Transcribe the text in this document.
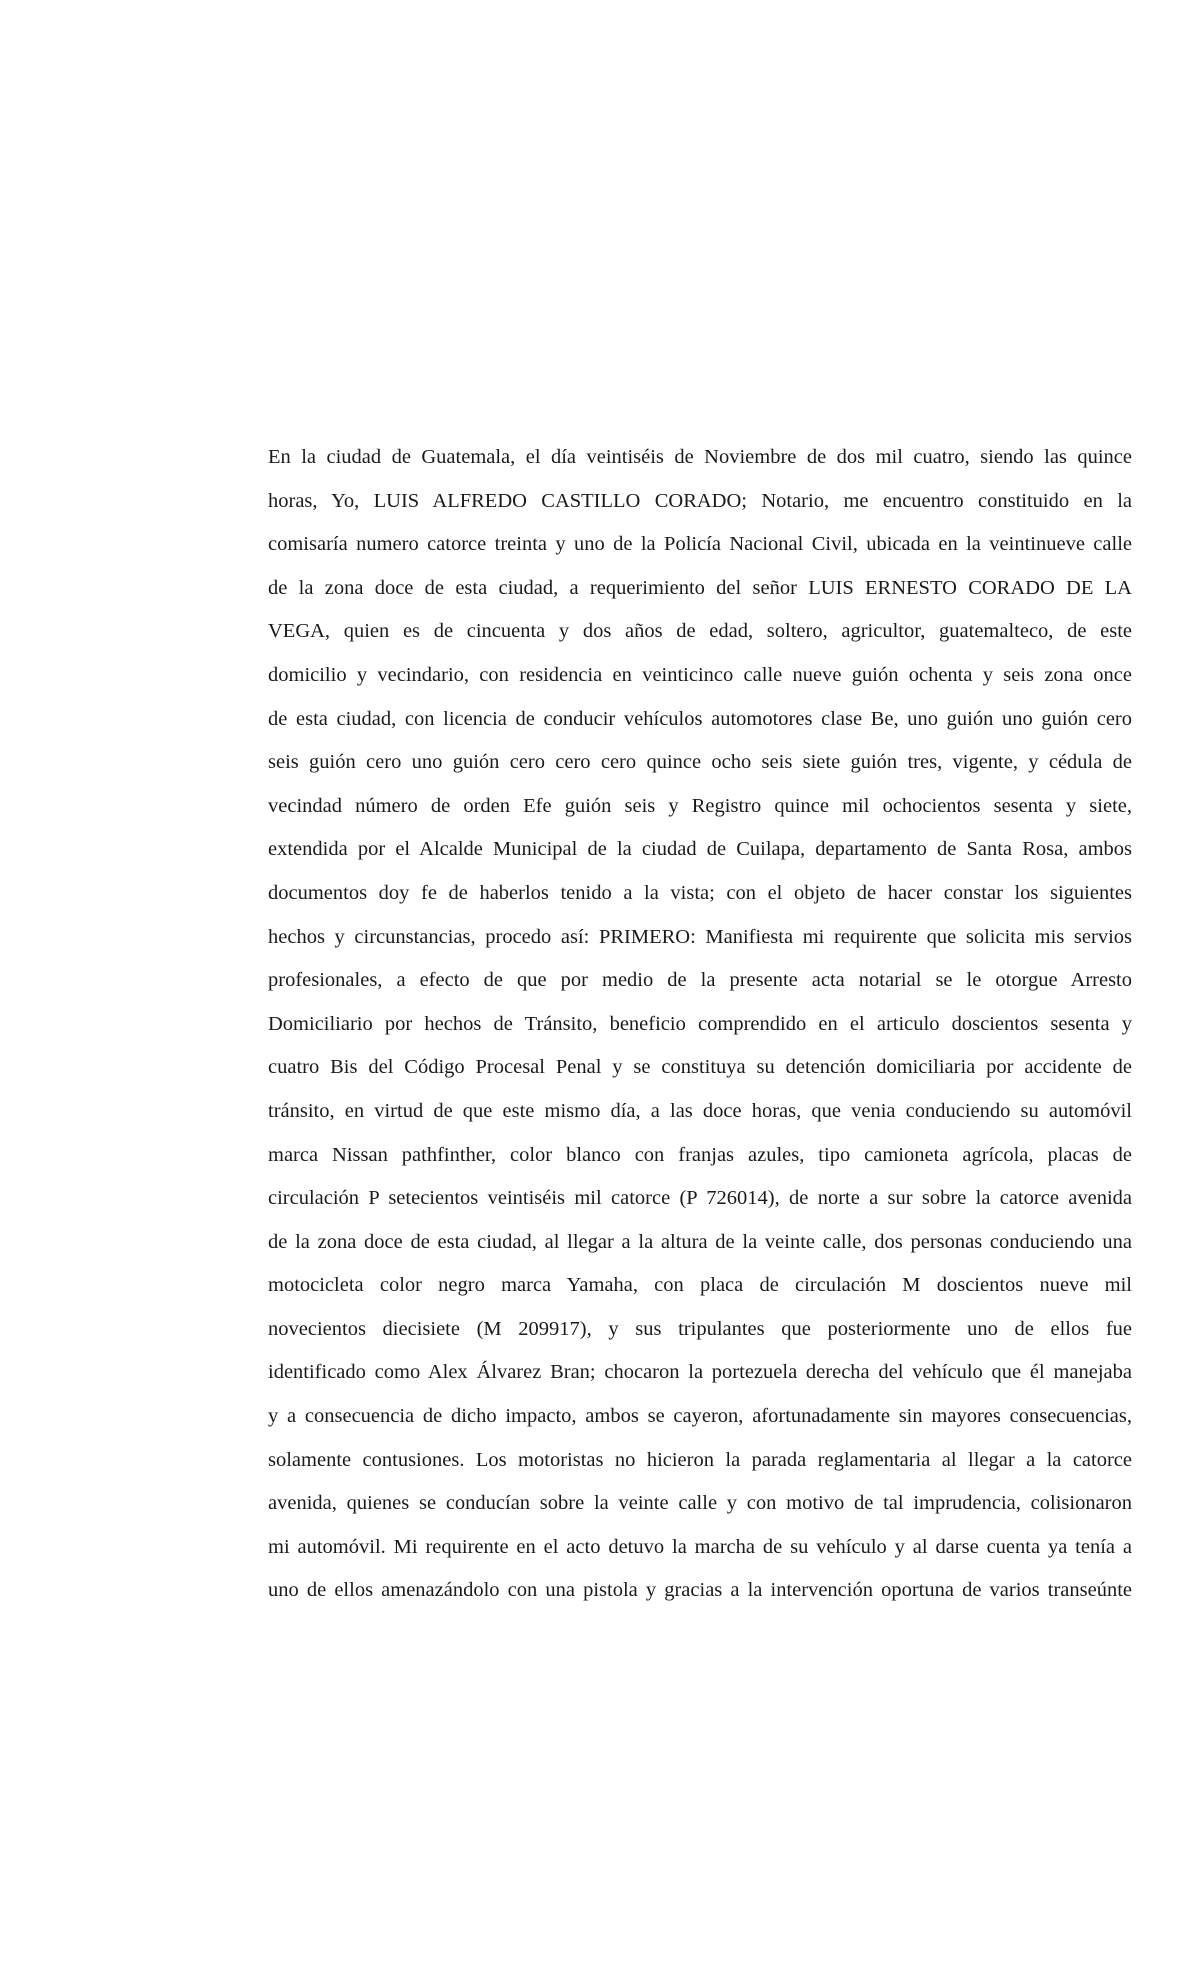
En la ciudad de Guatemala, el día veintiséis de Noviembre de dos mil cuatro, siendo las quince
horas, Yo, LUIS ALFREDO CASTILLO CORADO; Notario, me encuentro constituido en la
comisaría numero catorce treinta y uno de la Policía Nacional Civil, ubicada en la veintinueve calle
de la zona doce de esta ciudad, a requerimiento del señor LUIS ERNESTO CORADO DE LA
VEGA, quien es de cincuenta y dos años de edad, soltero, agricultor, guatemalteco, de este
domicilio y vecindario, con residencia en veinticinco calle nueve guión ochenta y seis zona once
de esta ciudad, con licencia de conducir vehículos automotores clase Be, uno guión uno guión cero
seis guión cero uno guión cero cero cero quince ocho seis siete guión tres, vigente, y cédula de
vecindad número de orden Efe guión seis y Registro quince mil ochocientos sesenta y siete,
extendida por el Alcalde Municipal de la ciudad de Cuilapa, departamento de Santa Rosa, ambos
documentos doy fe de haberlos tenido a la vista; con el objeto de hacer constar los siguientes
hechos y circunstancias, procedo así: PRIMERO: Manifiesta mi requirente que solicita mis servios
profesionales, a efecto de que por medio de la presente acta notarial se le otorgue Arresto
Domiciliario por hechos de Tránsito, beneficio comprendido en el articulo doscientos sesenta y
cuatro Bis del Código Procesal Penal y se constituya su detención domiciliaria por accidente de
tránsito, en virtud de que este mismo día, a las doce horas, que venia conduciendo su automóvil
marca Nissan pathfinther, color blanco con franjas azules, tipo camioneta agrícola, placas de
circulación P setecientos veintiséis mil catorce (P 726014), de norte a sur sobre la catorce avenida
de la zona doce de esta ciudad, al llegar a la altura de la veinte calle, dos personas conduciendo una
motocicleta color negro marca Yamaha, con placa de circulación M doscientos nueve mil
novecientos diecisiete (M 209917), y sus tripulantes que posteriormente uno de ellos fue
identificado como Alex Álvarez Bran; chocaron la portezuela derecha del vehículo que él manejaba
y a consecuencia de dicho impacto, ambos se cayeron, afortunadamente sin mayores consecuencias,
solamente contusiones. Los motoristas no hicieron la parada reglamentaria al llegar a la catorce
avenida, quienes se conducían sobre la veinte calle y con motivo de tal imprudencia, colisionaron
mi automóvil. Mi requirente en el acto detuvo la marcha de su vehículo y al darse cuenta ya tenía a
uno de ellos amenazándolo con una pistola y gracias a la intervención oportuna de varios transeúnte
